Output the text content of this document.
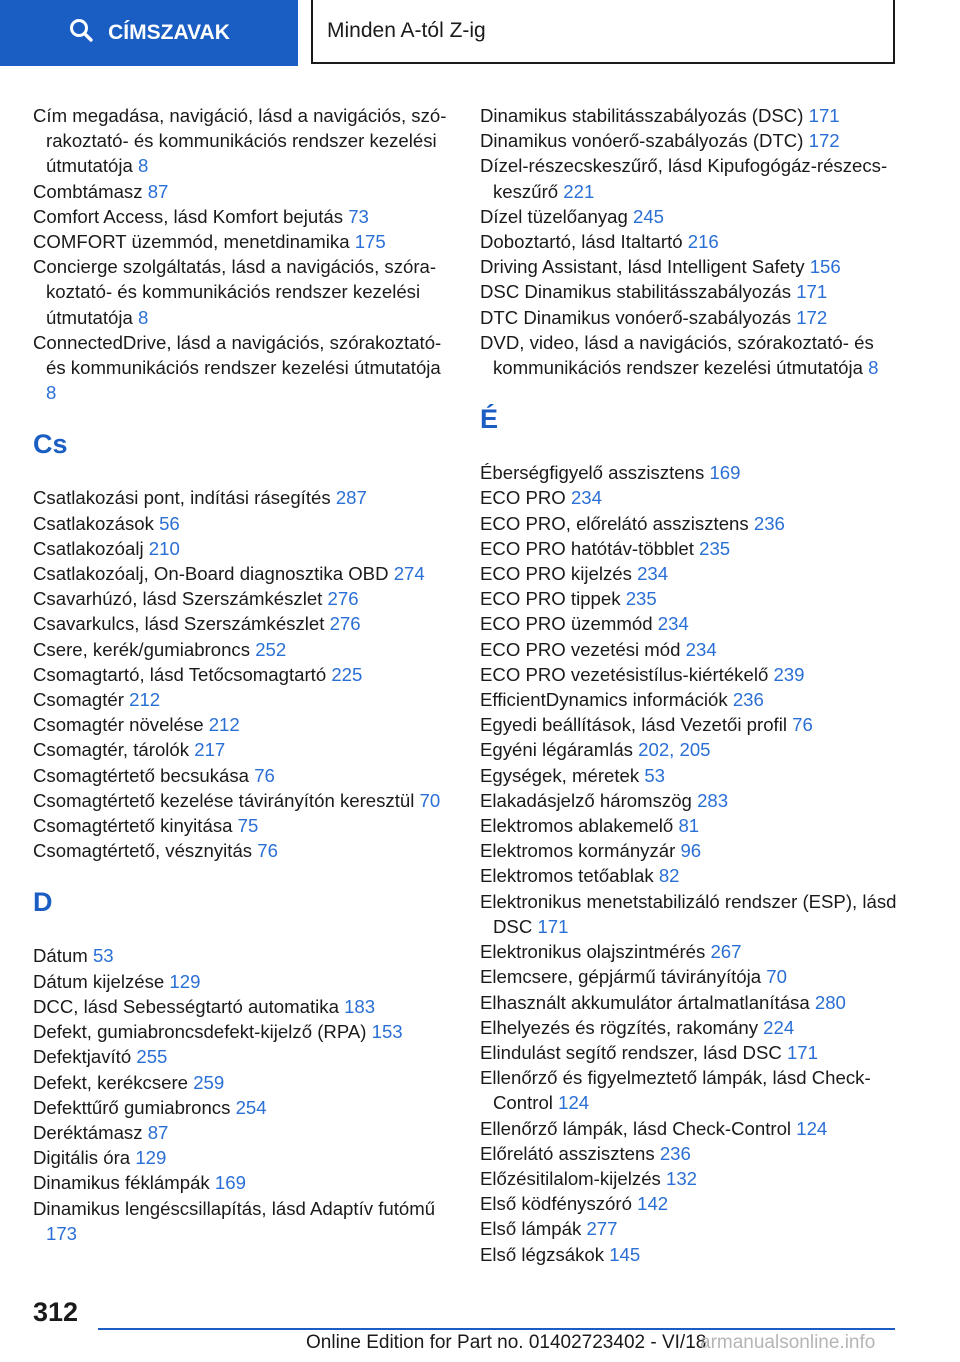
CÍMSZAVAK	Minden A-tól Z-ig
Cím megadása, navigáció, lásd a navigációs, szórakoztató- és kommunikációs rendszer kezelési útmutatója 8
Combtámasz 87
Comfort Access, lásd Komfort bejutás 73
COMFORT üzemmód, menetdinamika 175
Concierge szolgáltatás, lásd a navigációs, szórakoztató- és kommunikációs rendszer kezelési útmutatója 8
ConnectedDrive, lásd a navigációs, szórakoztató- és kommunikációs rendszer kezelési útmutatója 8
Cs
Csatlakozási pont, indítási rásegítés 287
Csatlakozások 56
Csatlakozóalj 210
Csatlakozóalj, On-Board diagnosztika OBD 274
Csavarhúzó, lásd Szerszámkészlet 276
Csavarkulcs, lásd Szerszámkészlet 276
Csere, kerék/gumiabroncs 252
Csomagtartó, lásd Tetőcsomagtartó 225
Csomagtér 212
Csomagtér növelése 212
Csomagtér, tárolók 217
Csomagtértető becsukása 76
Csomagtértető kezelése távirányítón keresztül 70
Csomagtértető kinyitása 75
Csomagtértető, vésznyitás 76
D
Dátum 53
Dátum kijelzése 129
DCC, lásd Sebességtartó automatika 183
Defekt, gumiabroncsdefekt-kijelző (RPA) 153
Defektjavító 255
Defekt, kerékcsere 259
Defekttűrő gumiabroncs 254
Deréktámasz 87
Digitális óra 129
Dinamikus féklámpák 169
Dinamikus lengéscsillapítás, lásd Adaptív futómű 173
Dinamikus stabilitásszabályozás (DSC) 171
Dinamikus vonóerő-szabályozás (DTC) 172
Dízel-részecskeszűrő, lásd Kipufogógáz-részecskeszűrő 221
Dízel tüzelőanyag 245
Doboztartó, lásd Italtartó 216
Driving Assistant, lásd Intelligent Safety 156
DSC Dinamikus stabilitásszabályozás 171
DTC Dinamikus vonóerő-szabályozás 172
DVD, video, lásd a navigációs, szórakoztató- és kommunikációs rendszer kezelési útmutatója 8
É
Éberségfigyelő asszisztens 169
ECO PRO 234
ECO PRO, előrelátó asszisztens 236
ECO PRO hatótáv-többlet 235
ECO PRO kijelzés 234
ECO PRO tippek 235
ECO PRO üzemmód 234
ECO PRO vezetési mód 234
ECO PRO vezetésistílus-kiértékelő 239
EfficientDynamics információk 236
Egyedi beállítások, lásd Vezetői profil 76
Egyéni légáramlás 202, 205
Egységek, méretek 53
Elakadásjelző háromszög 283
Elektromos ablakemelő 81
Elektromos kormányzár 96
Elektromos tetőablak 82
Elektronikus menetstabilizáló rendszer (ESP), lásd DSC 171
Elektronikus olajszintmérés 267
Elemcsere, gépjármű távirányítója 70
Elhasznált akkumulátor ártalmatlanítása 280
Elhelyezés és rögzítés, rakomány 224
Elindulást segítő rendszer, lásd DSC 171
Ellenőrző és figyelmeztető lámpák, lásd Check-Control 124
Ellenőrző lámpák, lásd Check-Control 124
Előrelátó asszisztens 236
Előzésitilalom-kijelzés 132
Első ködfényszóró 142
Első lámpák 277
Első légzsákok 145
312
Online Edition for Part no. 01402723402 - VI/18
armanualsonline.info
